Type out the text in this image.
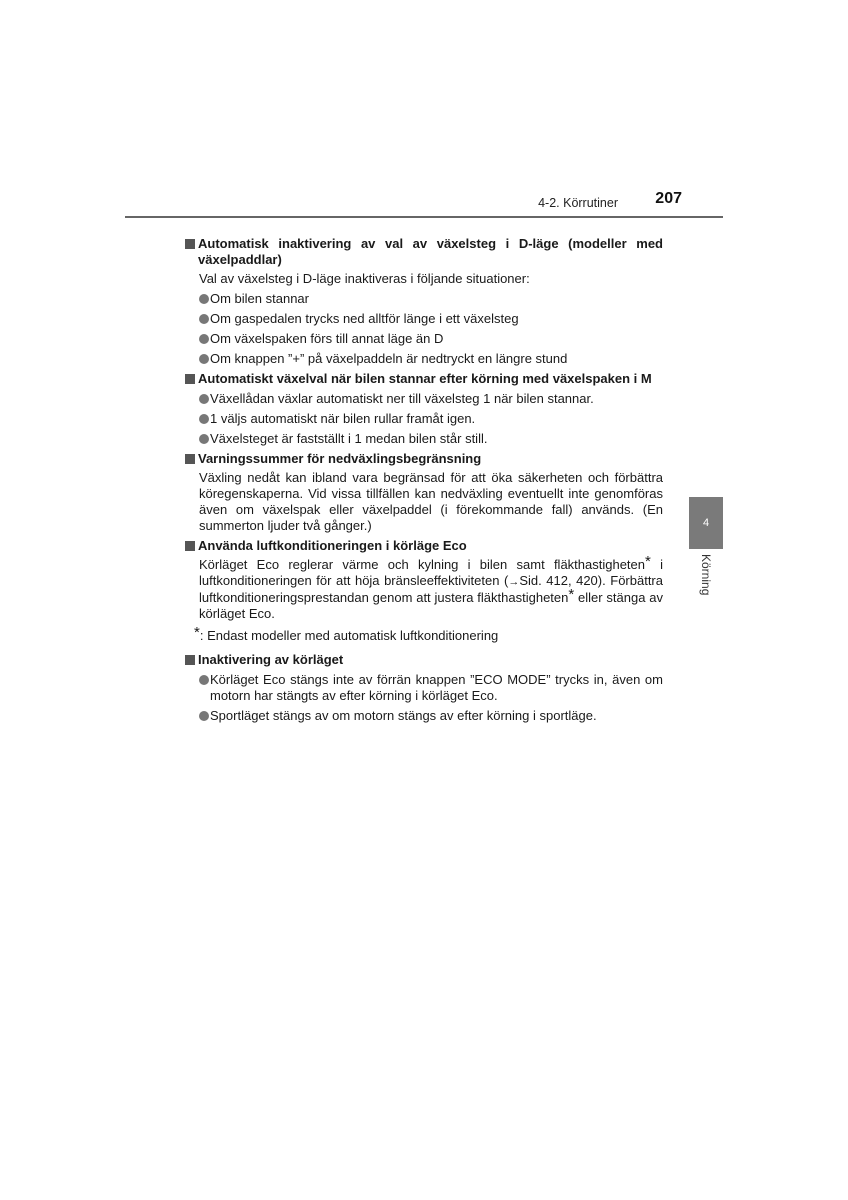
4-2. Körrutiner 207
4
Körning
Automatisk inaktivering av val av växelsteg i D-läge (modeller med växelpaddlar)
Val av växelsteg i D-läge inaktiveras i följande situationer:
Om bilen stannar
Om gaspedalen trycks ned alltför länge i ett växelsteg
Om växelspaken förs till annat läge än D
Om knappen ”+” på växelpaddeln är nedtryckt en längre stund
Automatiskt växelval när bilen stannar efter körning med växelspaken i M
Växellådan växlar automatiskt ner till växelsteg 1 när bilen stannar.
1 väljs automatiskt när bilen rullar framåt igen.
Växelsteget är fastställt i 1 medan bilen står still.
Varningssummer för nedväxlingsbegränsning
Växling nedåt kan ibland vara begränsad för att öka säkerheten och förbättra köregenskaperna. Vid vissa tillfällen kan nedväxling eventuellt inte genomföras även om växelspak eller växelpaddel (i förekommande fall) används. (En summerton ljuder två gånger.)
Använda luftkonditioneringen i körläge Eco
Körläget Eco reglerar värme och kylning i bilen samt fläkthastigheten* i luftkonditioneringen för att höja bränsleeffektiviteten (→Sid. 412, 420). Förbättra luftkonditioneringsprestandan genom att justera fläkthastigheten* eller stänga av körläget Eco.
*: Endast modeller med automatisk luftkonditionering
Inaktivering av körläget
Körläget Eco stängs inte av förrän knappen ”ECO MODE” trycks in, även om motorn har stängts av efter körning i körläget Eco.
Sportläget stängs av om motorn stängs av efter körning i sportläge.
